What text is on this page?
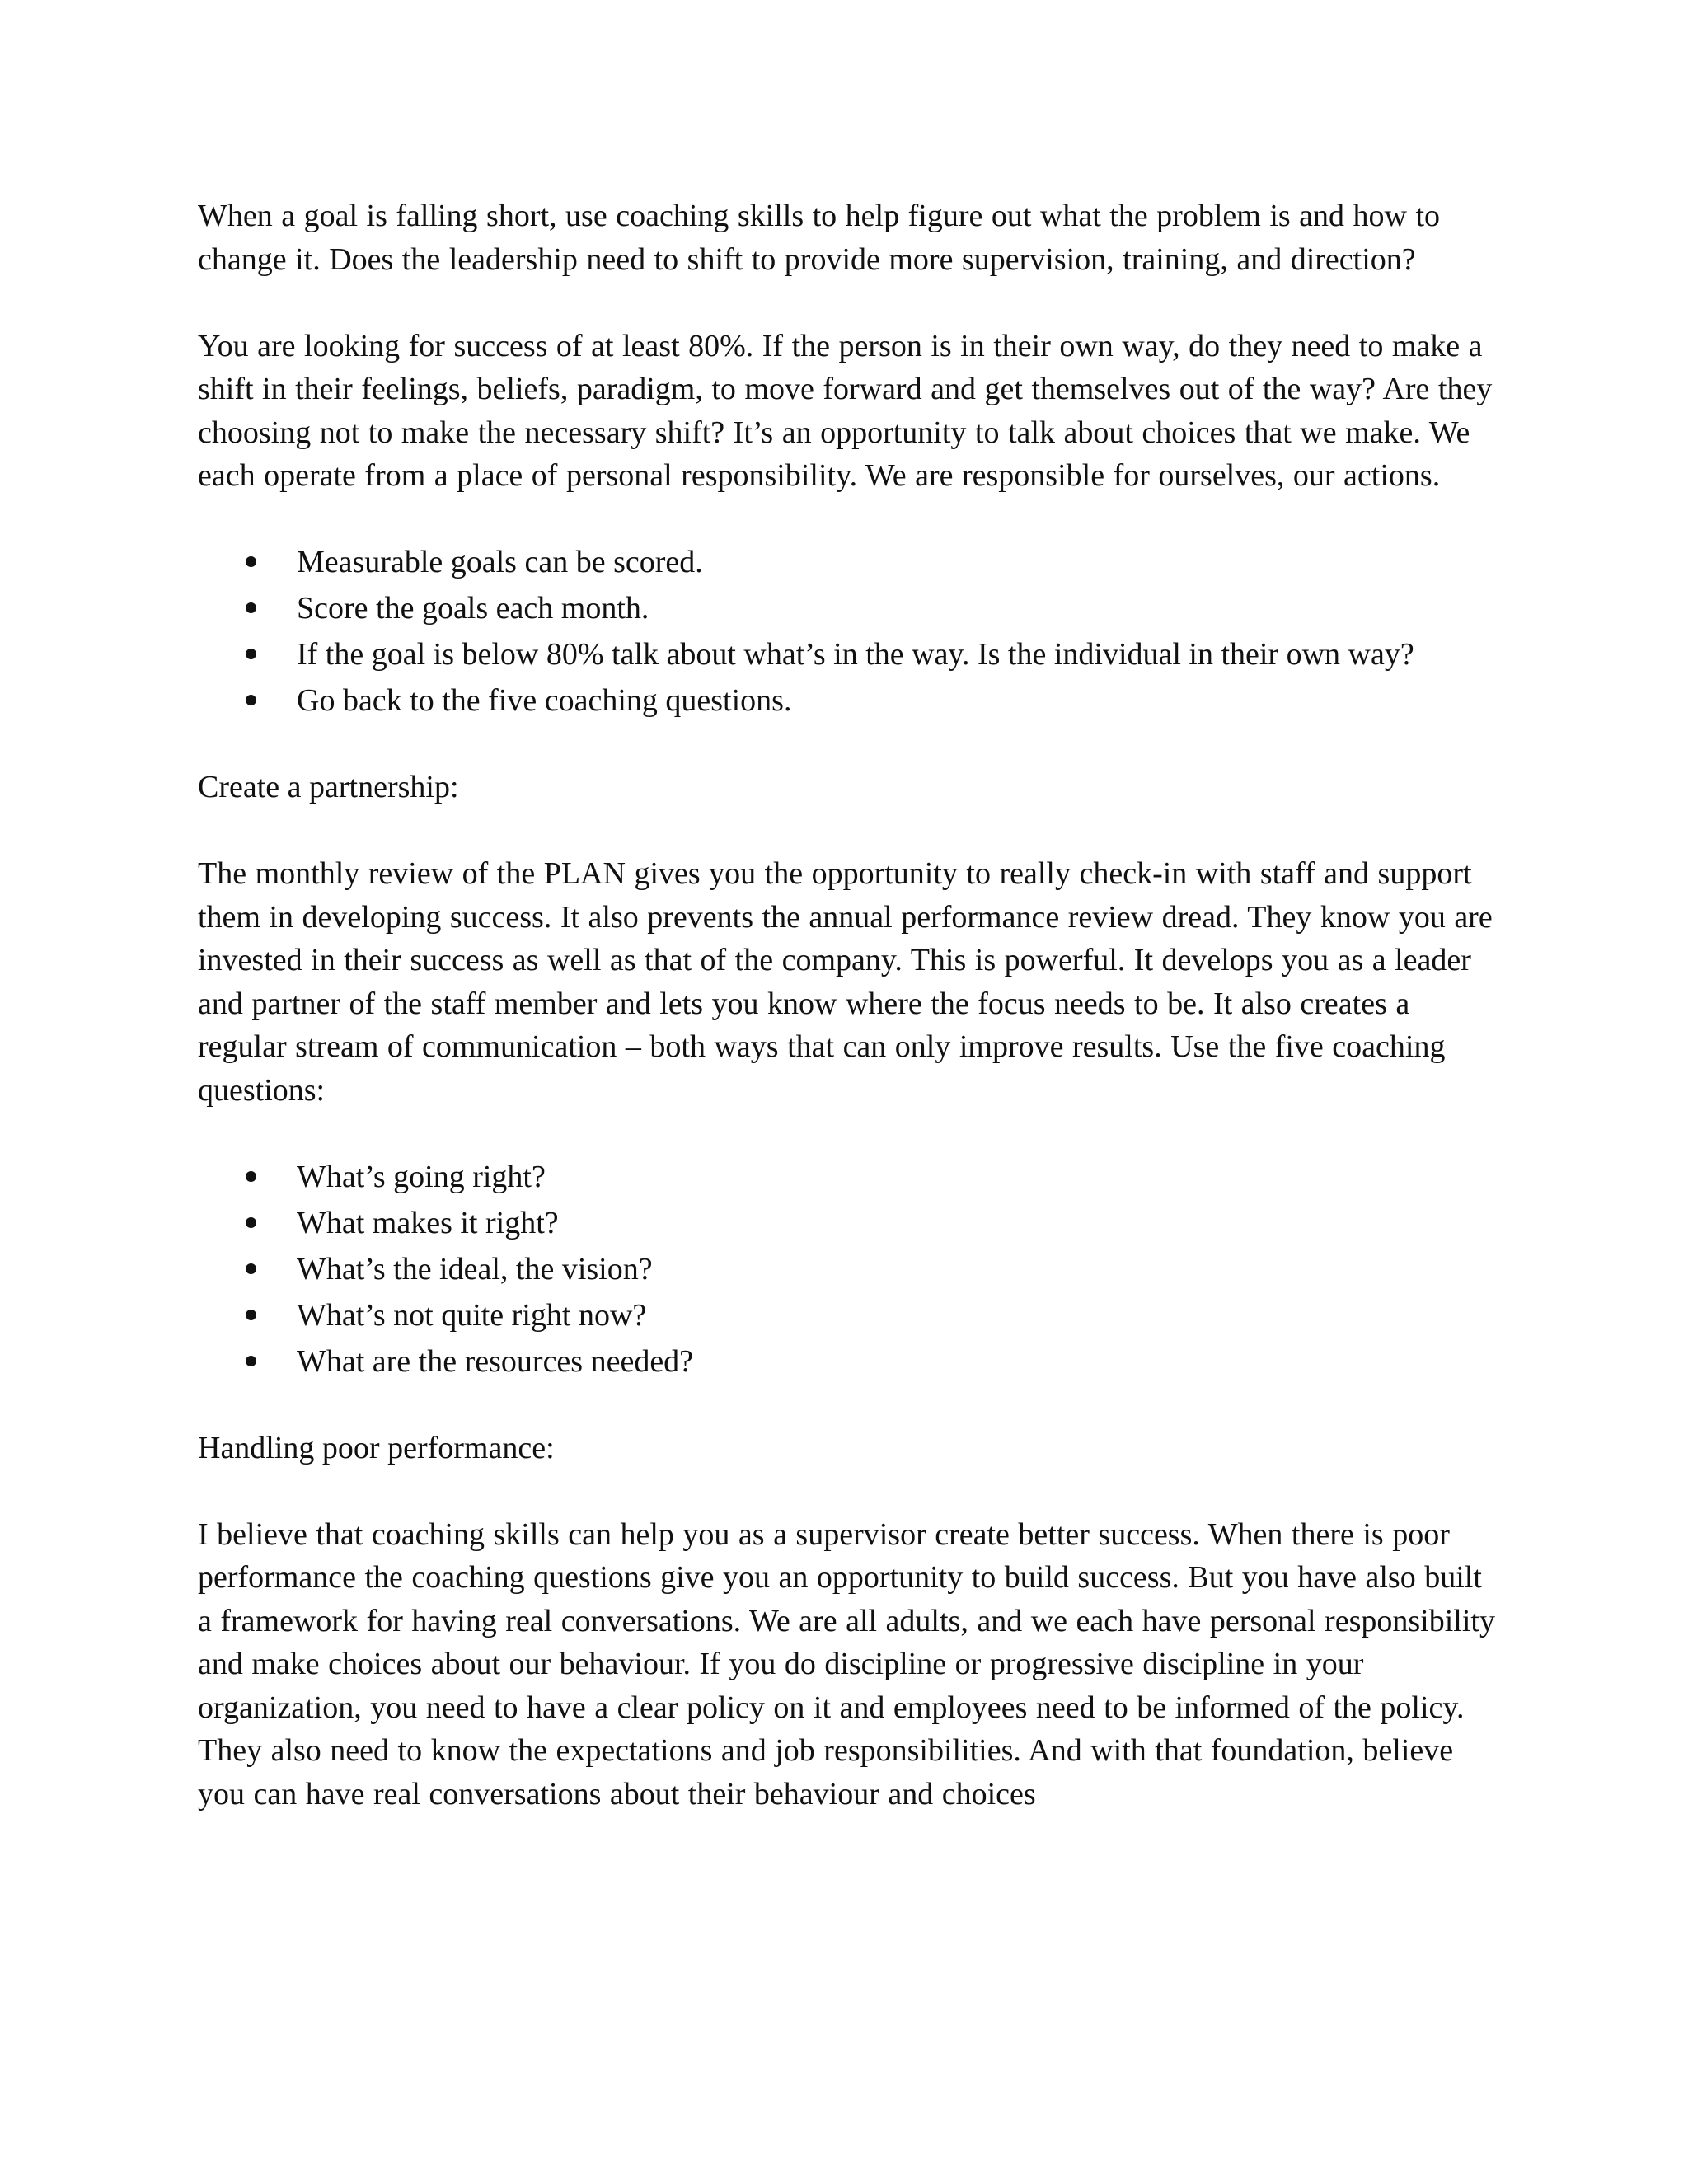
When a goal is falling short, use coaching skills to help figure out what the problem is and how to change it. Does the leadership need to shift to provide more supervision, training, and direction?

You are looking for success of at least 80%. If the person is in their own way, do they need to make a shift in their feelings, beliefs, paradigm, to move forward and get themselves out of the way? Are they choosing not to make the necessary shift? It’s an opportunity to talk about choices that we make. We each operate from a place of personal responsibility. We are responsible for ourselves, our actions.

Measurable goals can be scored.
Score the goals each month.
If the goal is below 80% talk about what’s in the way. Is the individual in their own way?
Go back to the five coaching questions.

Create a partnership:

The monthly review of the PLAN gives you the opportunity to really check-in with staff and support them in developing success. It also prevents the annual performance review dread. They know you are invested in their success as well as that of the company. This is powerful. It develops you as a leader and partner of the staff member and lets you know where the focus needs to be. It also creates a regular stream of communication – both ways that can only improve results. Use the five coaching questions:

What’s going right?
What makes it right?
What’s the ideal, the vision?
What’s not quite right now?
What are the resources needed?

Handling poor performance:

I believe that coaching skills can help you as a supervisor create better success. When there is poor performance the coaching questions give you an opportunity to build success. But you have also built a framework for having real conversations. We are all adults, and we each have personal responsibility and make choices about our behaviour. If you do discipline or progressive discipline in your organization, you need to have a clear policy on it and employees need to be informed of the policy. They also need to know the expectations and job responsibilities. And with that foundation, believe you can have real conversations about their behaviour and choices
